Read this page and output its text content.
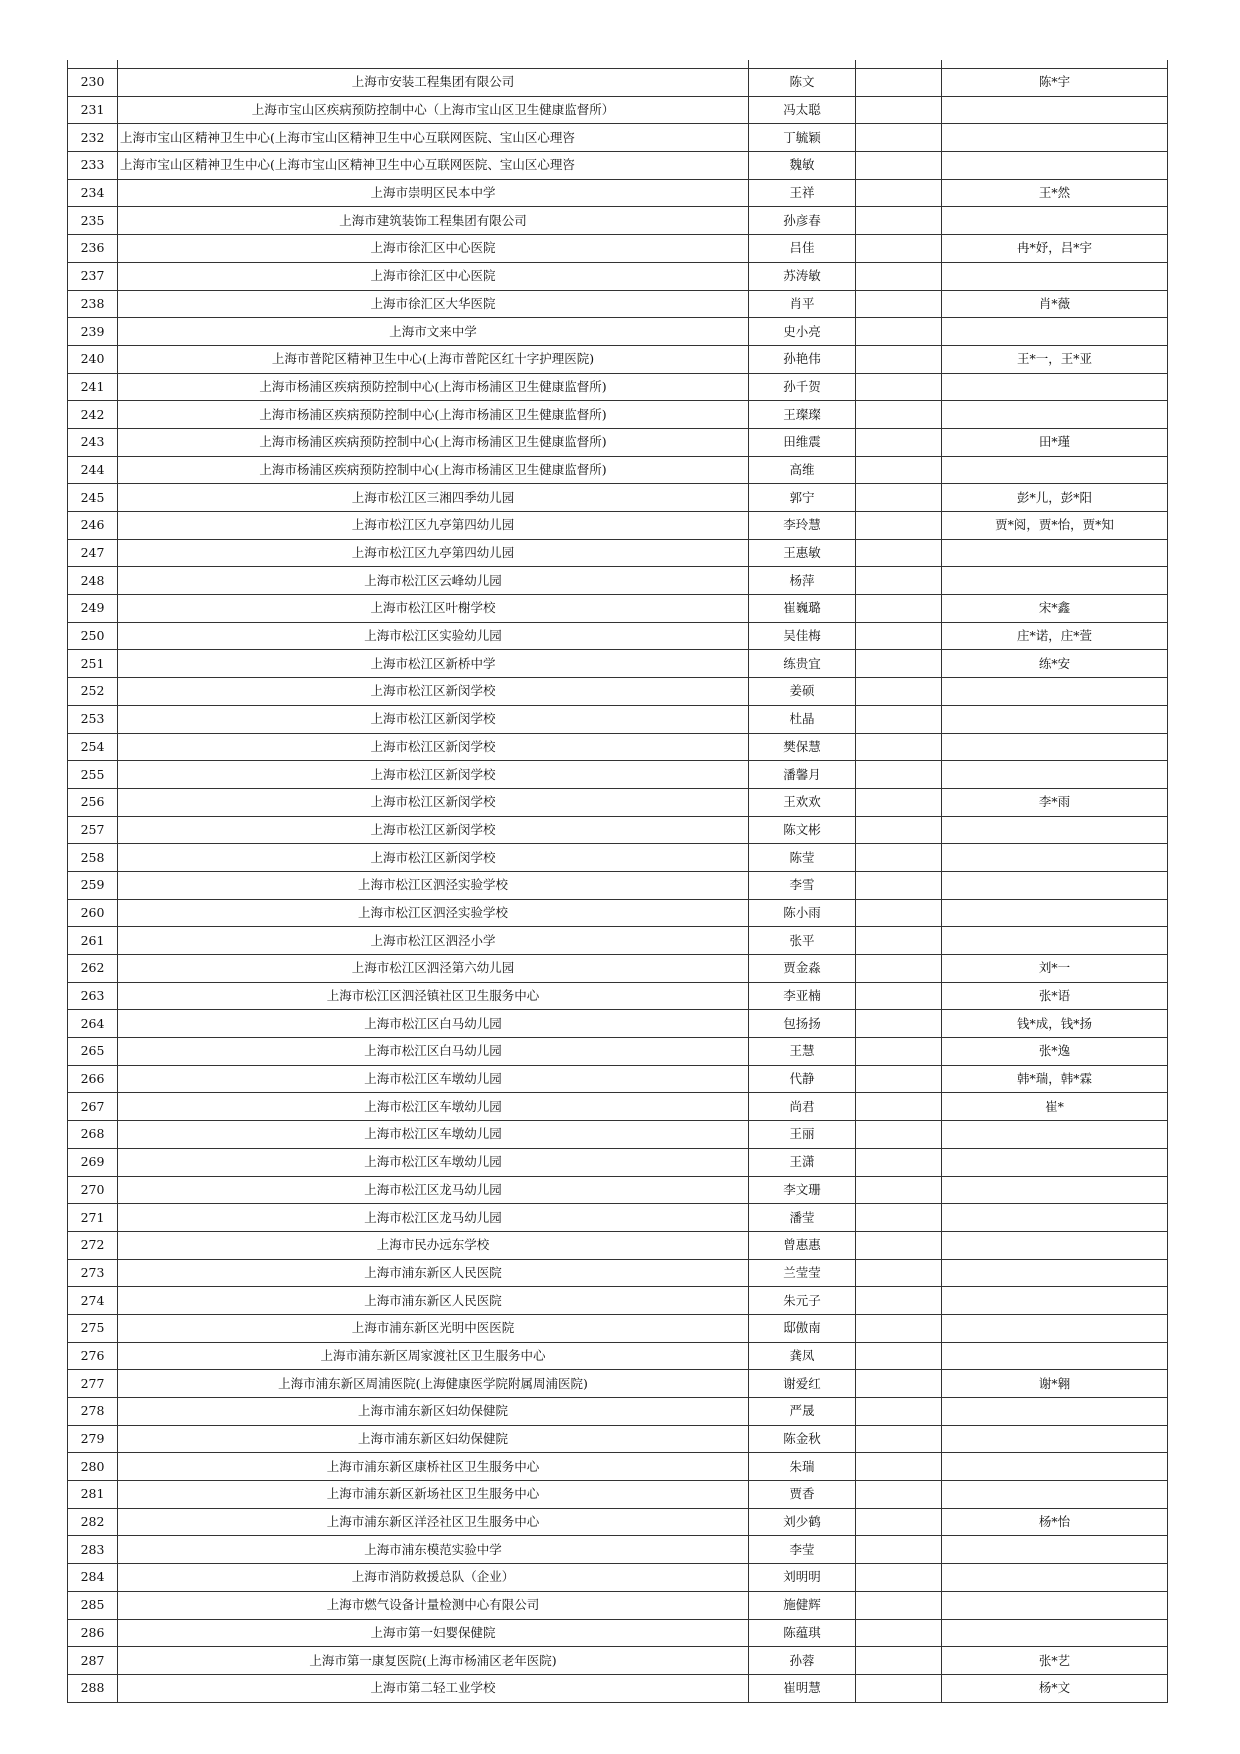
230	上海市安装工程集团有限公司	陈文		陈*宇
231	上海市宝山区疾病预防控制中心（上海市宝山区卫生健康监督所）	冯太聪		
232	上海市宝山区精神卫生中心(上海市宝山区精神卫生中心互联网医院、宝山区心理咨	丁毓颖		
233	上海市宝山区精神卫生中心(上海市宝山区精神卫生中心互联网医院、宝山区心理咨	魏敏		
234	上海市崇明区民本中学	王祥		王*然
235	上海市建筑装饰工程集团有限公司	孙彦春		
236	上海市徐汇区中心医院	吕佳		冉*妤，吕*宇
237	上海市徐汇区中心医院	苏涛敏		
238	上海市徐汇区大华医院	肖平		肖*薇
239	上海市文来中学	史小亮		
240	上海市普陀区精神卫生中心(上海市普陀区红十字护理医院)	孙艳伟		王*一，王*亚
241	上海市杨浦区疾病预防控制中心(上海市杨浦区卫生健康监督所)	孙千贺		
242	上海市杨浦区疾病预防控制中心(上海市杨浦区卫生健康监督所)	王璨璨		
243	上海市杨浦区疾病预防控制中心(上海市杨浦区卫生健康监督所)	田维震		田*瑾
244	上海市杨浦区疾病预防控制中心(上海市杨浦区卫生健康监督所)	高维		
245	上海市松江区三湘四季幼儿园	郭宁		彭*儿，彭*阳
246	上海市松江区九亭第四幼儿园	李玲慧		贾*阅，贾*怡，贾*知
247	上海市松江区九亭第四幼儿园	王惠敏		
248	上海市松江区云峰幼儿园	杨萍		
249	上海市松江区叶榭学校	崔巍璐		宋*鑫
250	上海市松江区实验幼儿园	吴佳梅		庄*诺，庄*萱
251	上海市松江区新桥中学	练贵宜		练*安
252	上海市松江区新闵学校	姜硕		
253	上海市松江区新闵学校	杜晶		
254	上海市松江区新闵学校	樊保慧		
255	上海市松江区新闵学校	潘馨月		
256	上海市松江区新闵学校	王欢欢		李*雨
257	上海市松江区新闵学校	陈文彬		
258	上海市松江区新闵学校	陈莹		
259	上海市松江区泗泾实验学校	李雪		
260	上海市松江区泗泾实验学校	陈小雨		
261	上海市松江区泗泾小学	张平		
262	上海市松江区泗泾第六幼儿园	贾金淼		刘*一
263	上海市松江区泗泾镇社区卫生服务中心	李亚楠		张*语
264	上海市松江区白马幼儿园	包扬扬		钱*成，钱*扬
265	上海市松江区白马幼儿园	王慧		张*逸
266	上海市松江区车墩幼儿园	代静		韩*瑞，韩*霖
267	上海市松江区车墩幼儿园	尚君		崔*
268	上海市松江区车墩幼儿园	王丽		
269	上海市松江区车墩幼儿园	王潇		
270	上海市松江区龙马幼儿园	李文珊		
271	上海市松江区龙马幼儿园	潘莹		
272	上海市民办远东学校	曾惠惠		
273	上海市浦东新区人民医院	兰莹莹		
274	上海市浦东新区人民医院	朱元子		
275	上海市浦东新区光明中医医院	邸傲南		
276	上海市浦东新区周家渡社区卫生服务中心	龚凤		
277	上海市浦东新区周浦医院(上海健康医学院附属周浦医院)	谢爱红		谢*翱
278	上海市浦东新区妇幼保健院	严晟		
279	上海市浦东新区妇幼保健院	陈金秋		
280	上海市浦东新区康桥社区卫生服务中心	朱瑞		
281	上海市浦东新区新场社区卫生服务中心	贾香		
282	上海市浦东新区洋泾社区卫生服务中心	刘少鹤		杨*怡
283	上海市浦东模范实验中学	李莹		
284	上海市消防救援总队（企业）	刘明明		
285	上海市燃气设备计量检测中心有限公司	施健辉		
286	上海市第一妇婴保健院	陈蕴琪		
287	上海市第一康复医院(上海市杨浦区老年医院)	孙蓉		张*艺
288	上海市第二轻工业学校	崔明慧		杨*文
